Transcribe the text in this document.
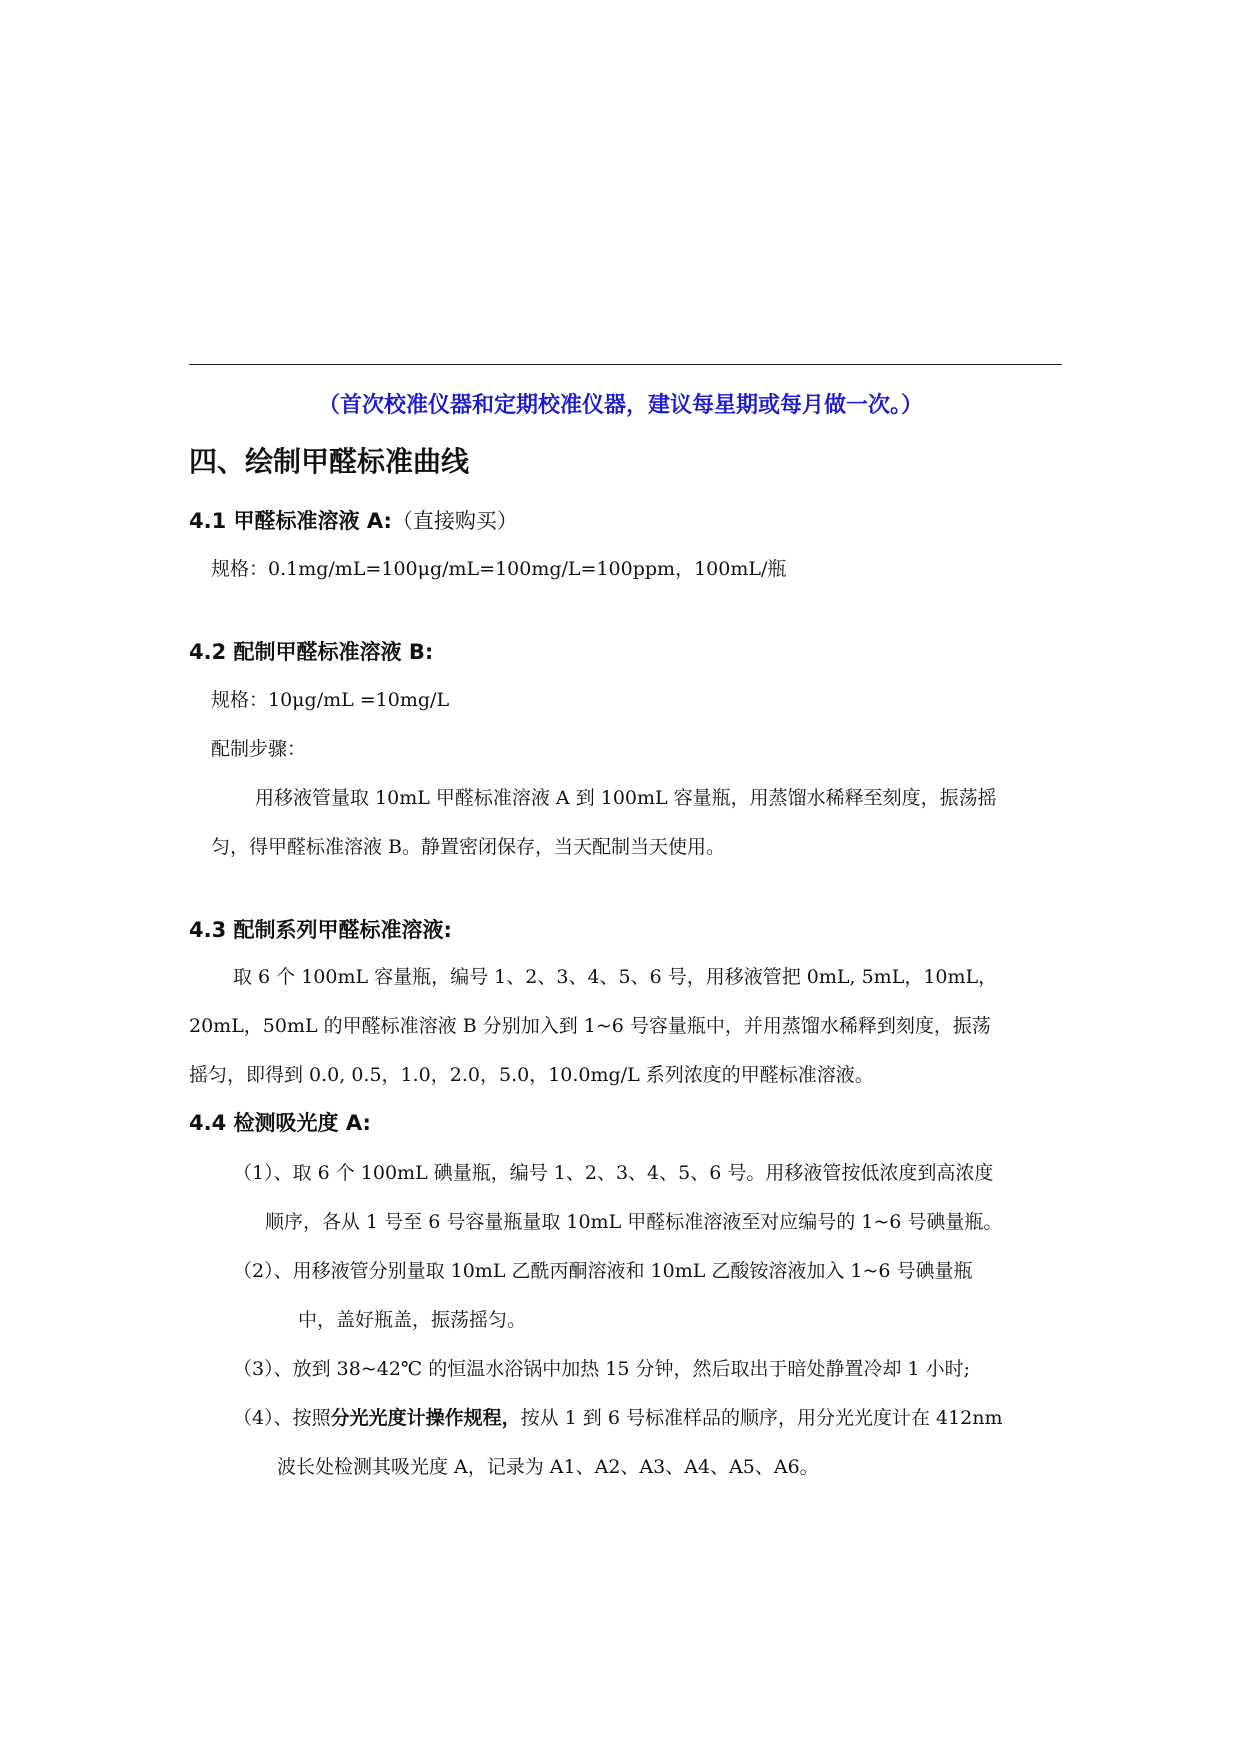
（首次校准仪器和定期校准仪器，建议每星期或每月做一次。）
四、绘制甲醛标准曲线
4.1 甲醛标准溶液 A:（直接购买）
规格：0.1mg/mL=100μg/mL=100mg/L=100ppm，100mL/瓶
4.2 配制甲醛标准溶液 B:
规格：10μg/mL =10mg/L
配制步骤：
用移液管量取 10mL 甲醛标准溶液 A 到 100mL 容量瓶，用蒸馏水稀释至刻度，振荡摇
匀，得甲醛标准溶液 B。静置密闭保存，当天配制当天使用。
4.3 配制系列甲醛标准溶液:
取 6 个 100mL 容量瓶，编号 1、2、3、4、5、6 号，用移液管把 0mL, 5mL，10mL，
20mL，50mL 的甲醛标准溶液 B 分别加入到 1~6 号容量瓶中，并用蒸馏水稀释到刻度，振荡
摇匀，即得到 0.0, 0.5，1.0，2.0，5.0，10.0mg/L 系列浓度的甲醛标准溶液。
4.4 检测吸光度 A:
（1）、取 6 个 100mL 碘量瓶，编号 1、2、3、4、5、6 号。用移液管按低浓度到高浓度
顺序，各从 1 号至 6 号容量瓶量取 10mL 甲醛标准溶液至对应编号的 1~6 号碘量瓶。
（2）、用移液管分别量取 10mL 乙酰丙酮溶液和 10mL 乙酸铵溶液加入 1~6 号碘量瓶
中，盖好瓶盖，振荡摇匀。
（3）、放到 38~42℃ 的恒温水浴锅中加热 15 分钟，然后取出于暗处静置冷却 1 小时;
（4）、按照分光光度计操作规程，按从 1 到 6 号标准样品的顺序，用分光光度计在 412nm
波长处检测其吸光度 A，记录为 A1、A2、A3、A4、A5、A6。
